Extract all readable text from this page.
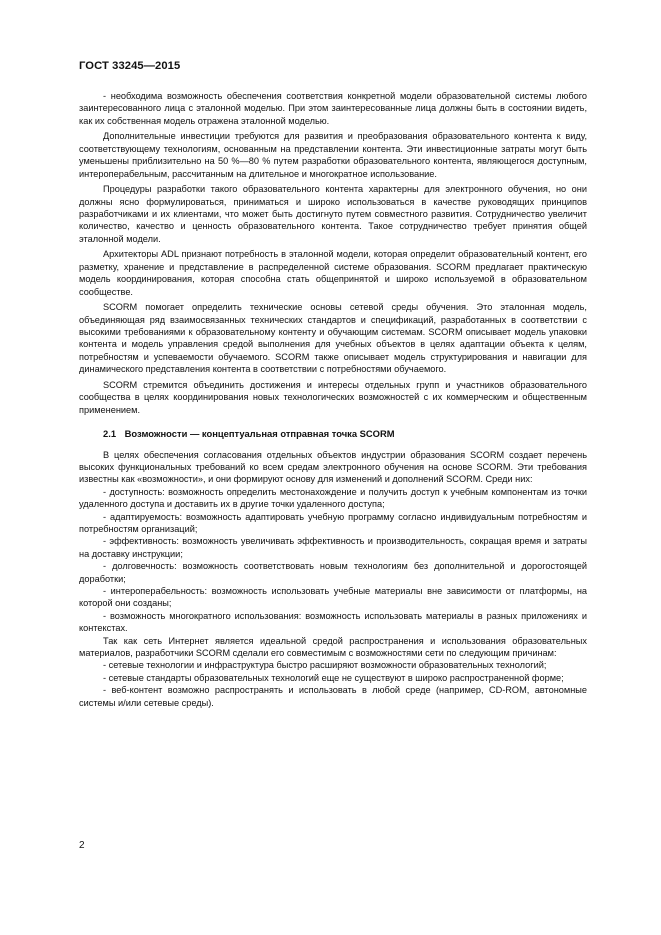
ГОСТ 33245—2015

- необходима возможность обеспечения соответствия конкретной модели образовательной системы любого заинтересованного лица с эталонной моделью. При этом заинтересованные лица должны быть в состоянии видеть, как их собственная модель отражена эталонной моделью.

Дополнительные инвестиции требуются для развития и преобразования образовательного контента к виду, соответствующему технологиям, основанным на представлении контента. Эти инвестиционные затраты могут быть уменьшены приблизительно на 50 %—80 % путем разработки образовательного контента, являющегося доступным, интероперабельным, рассчитанным на длительное и многократное использование.

Процедуры разработки такого образовательного контента характерны для электронного обучения, но они должны ясно формулироваться, приниматься и широко использоваться в качестве руководящих принципов разработчиками и их клиентами, что может быть достигнуто путем совместного развития. Сотрудничество увеличит количество, качество и ценность образовательного контента. Такое сотрудничество требует принятия общей эталонной модели.

Архитекторы ADL признают потребность в эталонной модели, которая определит образовательный контент, его разметку, хранение и представление в распределенной системе образования. SCORM предлагает практическую модель координирования, которая способна стать общепринятой и широко используемой в образовательном сообществе.

SCORM помогает определить технические основы сетевой среды обучения. Это эталонная модель, объединяющая ряд взаимосвязанных технических стандартов и спецификаций, разработанных в соответствии с высокими требованиями к образовательному контенту и обучающим системам. SCORM описывает модель упаковки контента и модель управления средой выполнения для учебных объектов в целях адаптации объекта к целям, потребностям и успеваемости обучаемого. SCORM также описывает модель структурирования и навигации для динамического представления контента в соответствии с потребностями обучаемого.

SCORM стремится объединить достижения и интересы отдельных групп и участников образовательного сообщества в целях координирования новых технологических возможностей с их коммерческим и общественным применением.

2.1 Возможности — концептуальная отправная точка SCORM

В целях обеспечения согласования отдельных объектов индустрии образования SCORM создает перечень высоких функциональных требований ко всем средам электронного обучения на основе SCORM. Эти требования известны как «возможности», и они формируют основу для изменений и дополнений SCORM. Среди них:

- доступность: возможность определить местонахождение и получить доступ к учебным компонентам из точки удаленного доступа и доставить их в другие точки удаленного доступа;

- адаптируемость: возможность адаптировать учебную программу согласно индивидуальным потребностям и потребностям организаций;

- эффективность: возможность увеличивать эффективность и производительность, сокращая время и затраты на доставку инструкции;

- долговечность: возможность соответствовать новым технологиям без дополнительной и дорогостоящей доработки;

- интероперабельность: возможность использовать учебные материалы вне зависимости от платформы, на которой они созданы;

- возможность многократного использования: возможность использовать материалы в разных приложениях и контекстах.

Так как сеть Интернет является идеальной средой распространения и использования образовательных материалов, разработчики SCORM сделали его совместимым с возможностями сети по следующим причинам:

- сетевые технологии и инфраструктура быстро расширяют возможности образовательных технологий;

- сетевые стандарты образовательных технологий еще не существуют в широко распространенной форме;

- веб-контент возможно распространять и использовать в любой среде (например, CD-ROM, автономные системы и/или сетевые среды).

2
